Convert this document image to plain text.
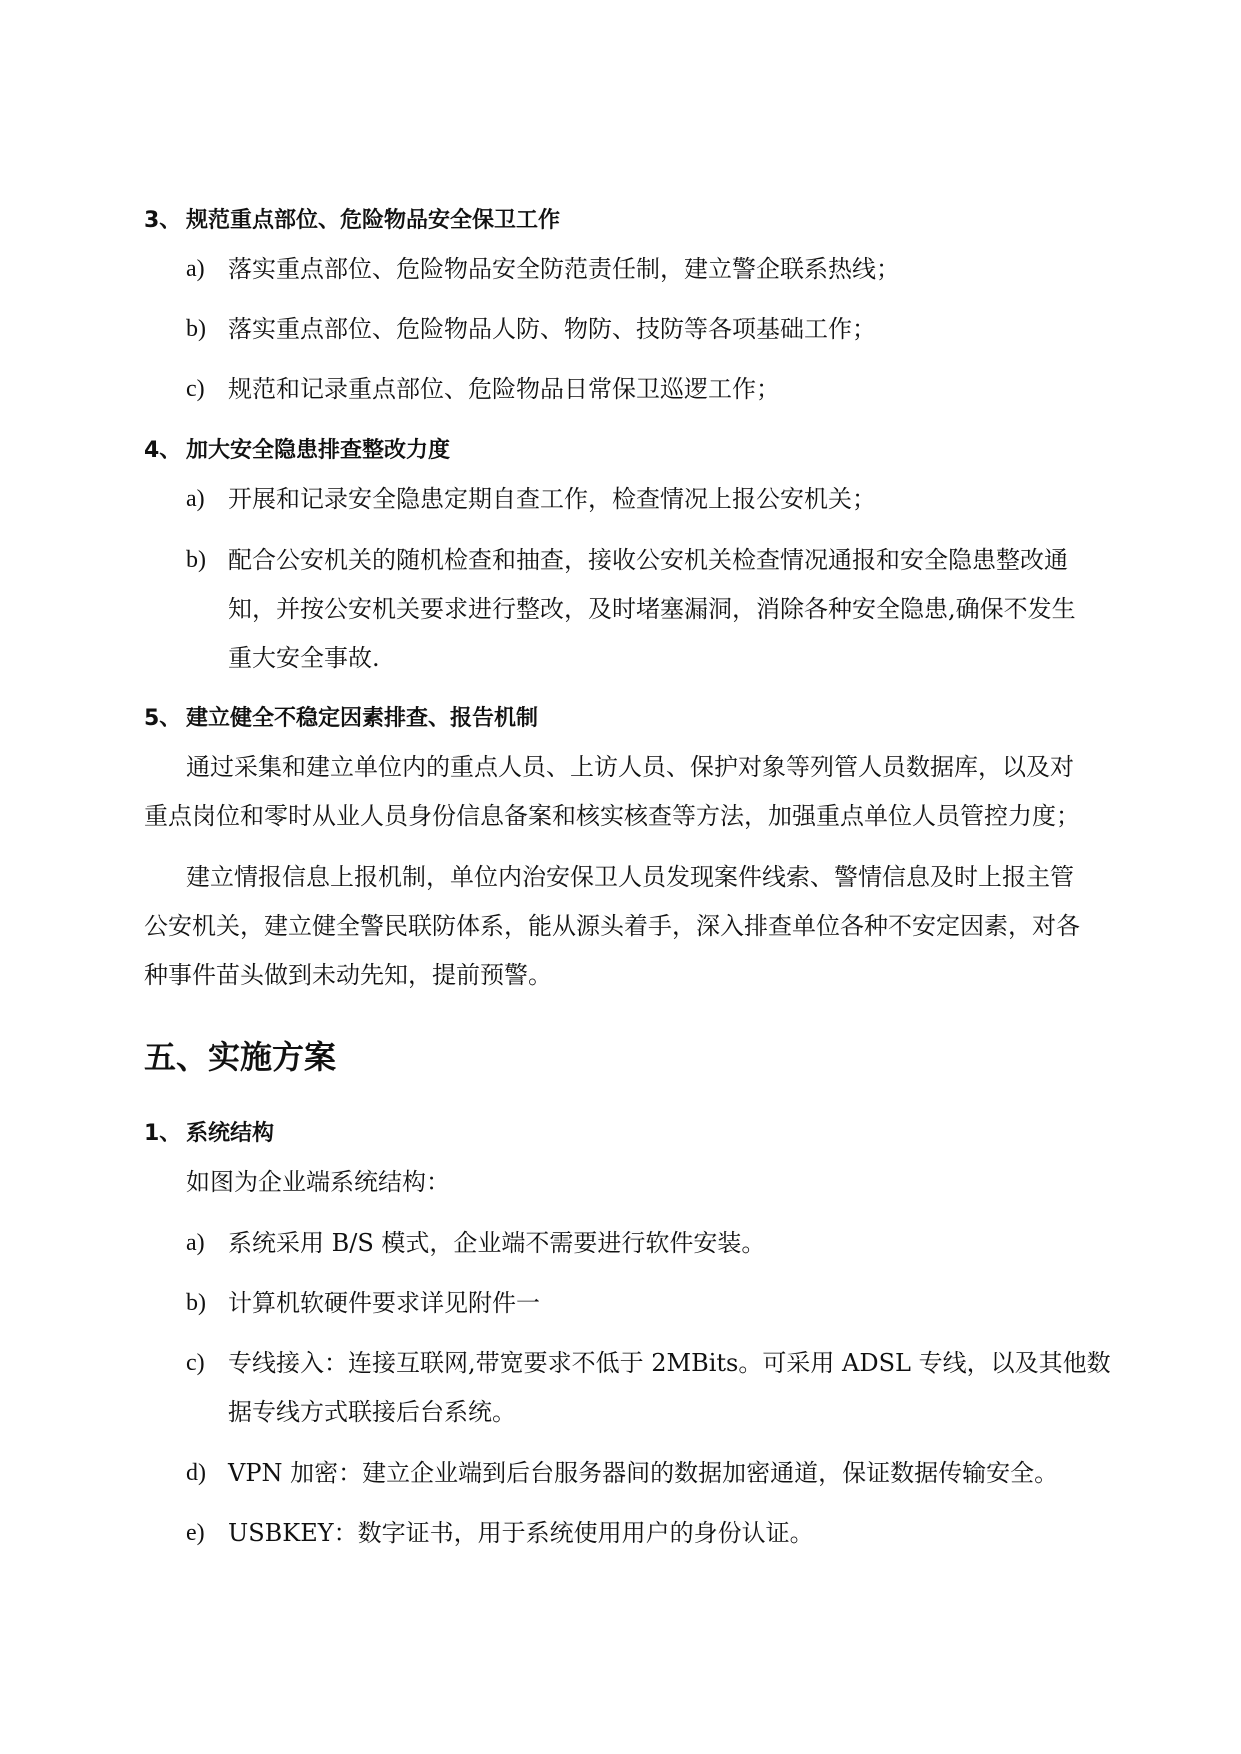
3、 规范重点部位、危险物品安全保卫工作
a) 落实重点部位、危险物品安全防范责任制，建立警企联系热线；
b) 落实重点部位、危险物品人防、物防、技防等各项基础工作；
c) 规范和记录重点部位、危险物品日常保卫巡逻工作；
4、 加大安全隐患排查整改力度
a) 开展和记录安全隐患定期自查工作，检查情况上报公安机关；
b) 配合公安机关的随机检查和抽查，接收公安机关检查情况通报和安全隐患整改通
知，并按公安机关要求进行整改，及时堵塞漏洞，消除各种安全隐患,确保不发生
重大安全事故.
5、 建立健全不稳定因素排查、报告机制
通过采集和建立单位内的重点人员、上访人员、保护对象等列管人员数据库，以及对
重点岗位和零时从业人员身份信息备案和核实核查等方法，加强重点单位人员管控力度；
建立情报信息上报机制，单位内治安保卫人员发现案件线索、警情信息及时上报主管
公安机关，建立健全警民联防体系，能从源头着手，深入排查单位各种不安定因素，对各
种事件苗头做到未动先知，提前预警。
五、实施方案
1、 系统结构
如图为企业端系统结构：
a) 系统采用 B/S 模式，企业端不需要进行软件安装。
b) 计算机软硬件要求详见附件一
c) 专线接入：连接互联网,带宽要求不低于 2MBits。可采用 ADSL 专线，以及其他数
据专线方式联接后台系统。
d) VPN 加密：建立企业端到后台服务器间的数据加密通道，保证数据传输安全。
e) USBKEY：数字证书，用于系统使用用户的身份认证。
